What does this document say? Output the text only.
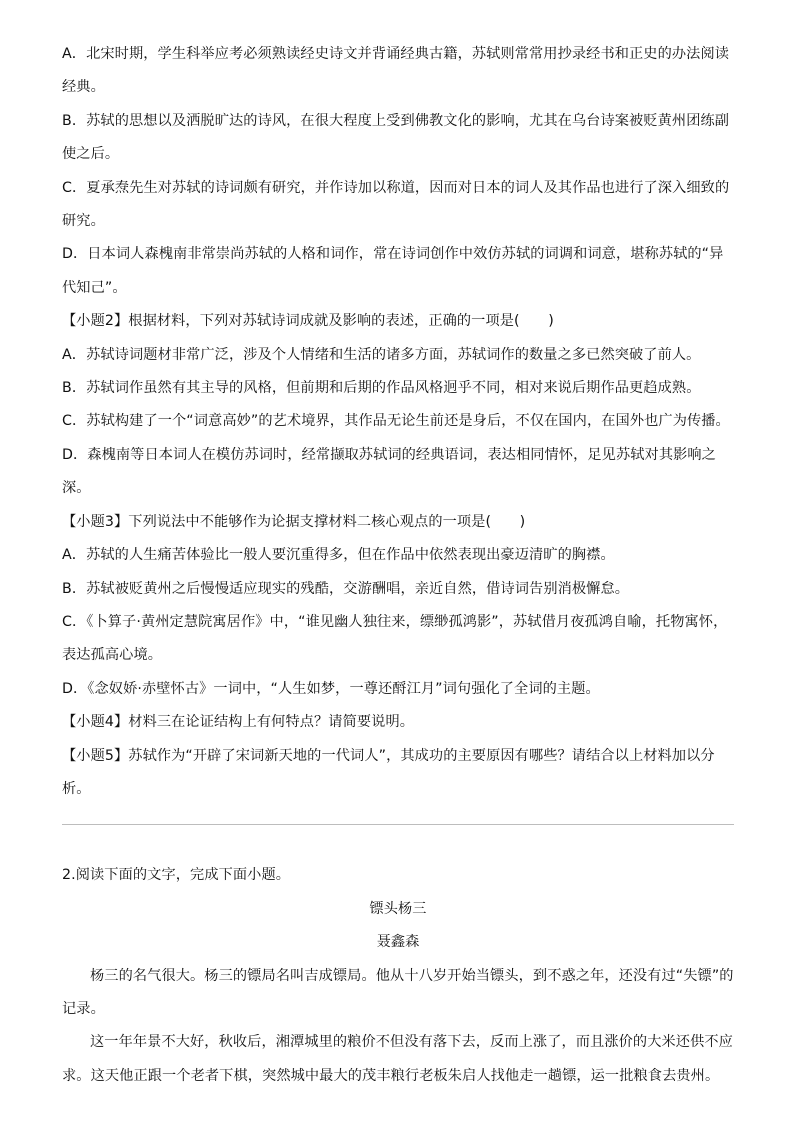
A．北宋时期，学生科举应考必须熟读经史诗文并背诵经典古籍，苏轼则常常用抄录经书和正史的办法阅读经典。

B．苏轼的思想以及洒脱旷达的诗风，在很大程度上受到佛教文化的影响，尤其在乌台诗案被贬黄州团练副使之后。

C．夏承焘先生对苏轼的诗词颇有研究，并作诗加以称道，因而对日本的词人及其作品也进行了深入细致的研究。

D．日本词人森槐南非常崇尚苏轼的人格和词作，常在诗词创作中效仿苏轼的词调和词意，堪称苏轼的“异代知己”。

【小题2】根据材料，下列对苏轼诗词成就及影响的表述，正确的一项是(　　)

A．苏轼诗词题材非常广泛，涉及个人情绪和生活的诸多方面，苏轼词作的数量之多已然突破了前人。

B．苏轼词作虽然有其主导的风格，但前期和后期的作品风格迥乎不同，相对来说后期作品更趋成熟。

C．苏轼构建了一个“词意高妙”的艺术境界，其作品无论生前还是身后，不仅在国内，在国外也广为传播。

D．森槐南等日本词人在模仿苏词时，经常撷取苏轼词的经典语词，表达相同情怀，足见苏轼对其影响之深。

【小题3】下列说法中不能够作为论据支撑材料二核心观点的一项是(　　)

A．苏轼的人生痛苦体验比一般人要沉重得多，但在作品中依然表现出豪迈清旷的胸襟。

B．苏轼被贬黄州之后慢慢适应现实的残酷，交游酬唱，亲近自然，借诗词告别消极懈怠。

C．《卜算子·黄州定慧院寓居作》中，“谁见幽人独往来，缥缈孤鸿影”，苏轼借月夜孤鸿自喻，托物寓怀，表达孤高心境。

D．《念奴娇·赤壁怀古》一词中，“人生如梦，一尊还酹江月”词句强化了全词的主题。

【小题4】材料三在论证结构上有何特点？请简要说明。

【小题5】苏轼作为“开辟了宋词新天地的一代词人”，其成功的主要原因有哪些？请结合以上材料加以分析。

2.阅读下面的文字，完成下面小题。

镖头杨三

聂鑫森

杨三的名气很大。杨三的镖局名叫吉成镖局。他从十八岁开始当镖头，到不惑之年，还没有过“失镖”的记录。

这一年年景不大好，秋收后，湘潭城里的粮价不但没有落下去，反而上涨了，而且涨价的大米还供不应求。这天他正跟一个老者下棋，突然城中最大的茂丰粮行老板朱启人找他走一趟镖，运一批粮食去贵州。
